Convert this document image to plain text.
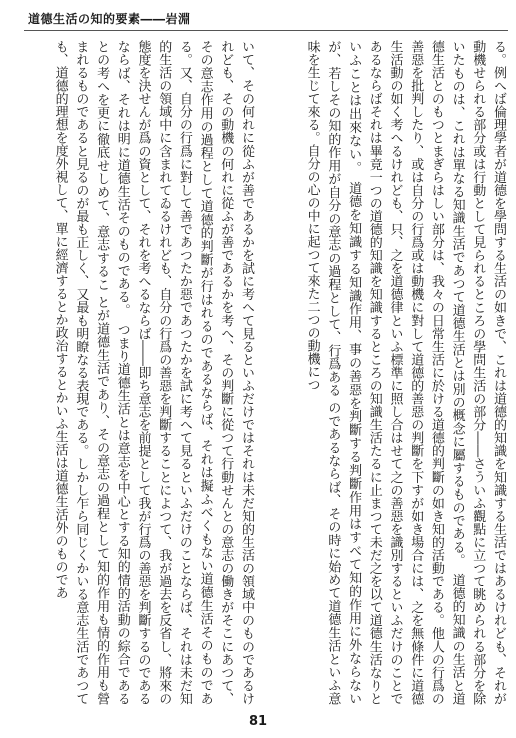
道德生活の知的要素――岩淵
る。例へば倫理學者が道德を學問する生活の如きで、これは道德的知識を知識する生活ではあるけれども、それが動機せられる部分或は行動として見られるところの學問生活の部分――さういふ觀點に立つて眺められる部分を除いたものは、これは單なる知識生活であつて道德生活とは別の概念に屬するものである。　道德的知識の生活と道德生活とのもつとまぎらはしい部分は、我々の日常生活に於ける道德的判斷の如き知的活動である。他人の行爲の善惡を批判したり、或は自分の行爲或は動機に對して道德的善惡の判斷を下すが如き場合には、之を無條件に道德生活動の如く考へるけれども、只、之を道德律といふ標準に照し合はせて之の善惡を識別するといふだけのことであるならばそれは畢竟一つの道德的知識を知識するところの知識生活たるに止まつて未だ之を以て道德生活なりといふことは出來ない。　道德を知識する知識作用、事の善惡を判斷する判斷作用はすべて知的作用に外ならないが、若しその知的作用が自分の意志の過程として、行爲ある のであるならば、その時に始めて道德生活といふ意味を生じて來る。自分の心の中に起つて來た二つの動機につ
いて、その何れに從ふが善であるかを試に考へて見るといふだけではそれは未だ知的生活の領域中のものであるけれども、その動機の何れに從ふが善であるかを考へ、その判斷に從つて行動せんとの意志の働きがそこにあつて、その意志作用の過程として道德的判斷が行はれるのであるならば、それは擬ふべくもない道德生活そのものである。又、自分の行爲に對して善であつたか惡であつたかを試に考へて見るといふだけのことならば、それは未だ知的生活の領域中に含まれてゐるけれども、自分の行爲の善惡を判斷することによつて、我が過去を反省し、將來の態度を決せんが爲の資として、それを考へるならば――即ち意志を前提として我が行爲の善惡を判斷するのであるならば、それは明に道德生活そのものである。　つまり道德生活とは意志を中心とする知的情的活動の綜合であるとの考へを更に徹底せしめて、意志するこ とが道德生活であり、その意志の過程として知的作用も情的作用も營まれるものであると見るのが最も正しく、又最も明瞭なる表現である。しかし乍ら同じくかいる意志生活であつても、道德的理想を度外視して、單に經濟するとか政治するとかいふ生活は道德生活外のものであ
81
